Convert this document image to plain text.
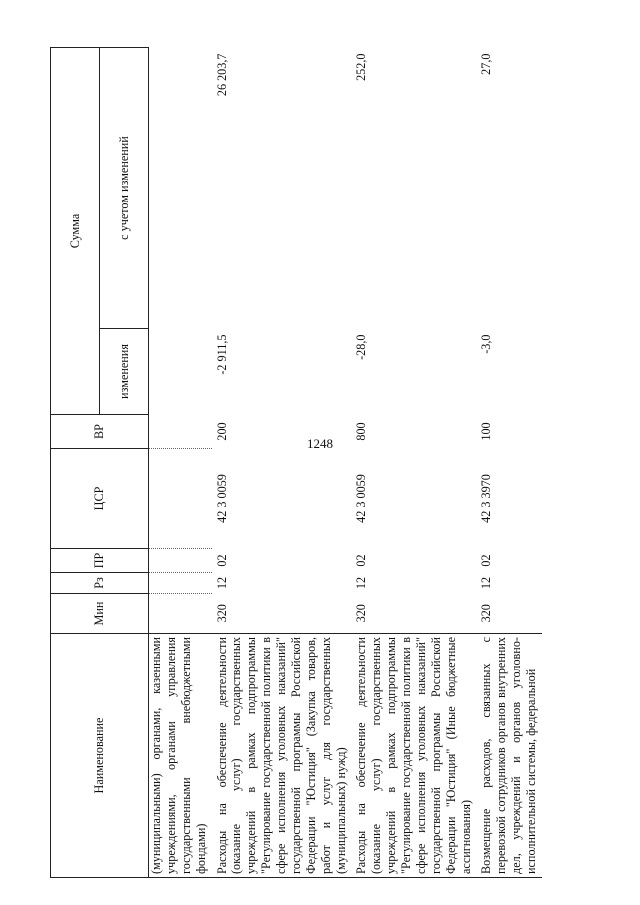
1248
Наименование	Мин	Рз	ПР	ЦСР	ВР	Сумма	
						изменения	с учетом изменений
(муниципальными) органами, казенными учреждениями, органами управления государственными внебюджетными фондами)							
Расходы на обеспечение деятельности (оказание услуг) государственных учреждений в рамках подпрограммы "Регулирование государственной политики в сфере исполнения уголовных наказаний" государственной программы Российской Федерации "Юстиция" (Закупка товаров, работ и услуг для государственных (муниципальных) нужд)	320	12	02	42 3 0059	200	-2 911,5	26 203,7
Расходы на обеспечение деятельности (оказание услуг) государственных учреждений в рамках подпрограммы "Регулирование государственной политики в сфере исполнения уголовных наказаний" государственной программы Российской Федерации "Юстиция" (Иные бюджетные ассигнования)	320	12	02	42 3 0059	800	-28,0	252,0
Возмещение расходов, связанных с перевозкой сотрудников органов внутренних дел, учреждений и органов уголовно-исполнительной системы, федеральной	320	12	02	42 3 3970	100	-3,0	27,0
